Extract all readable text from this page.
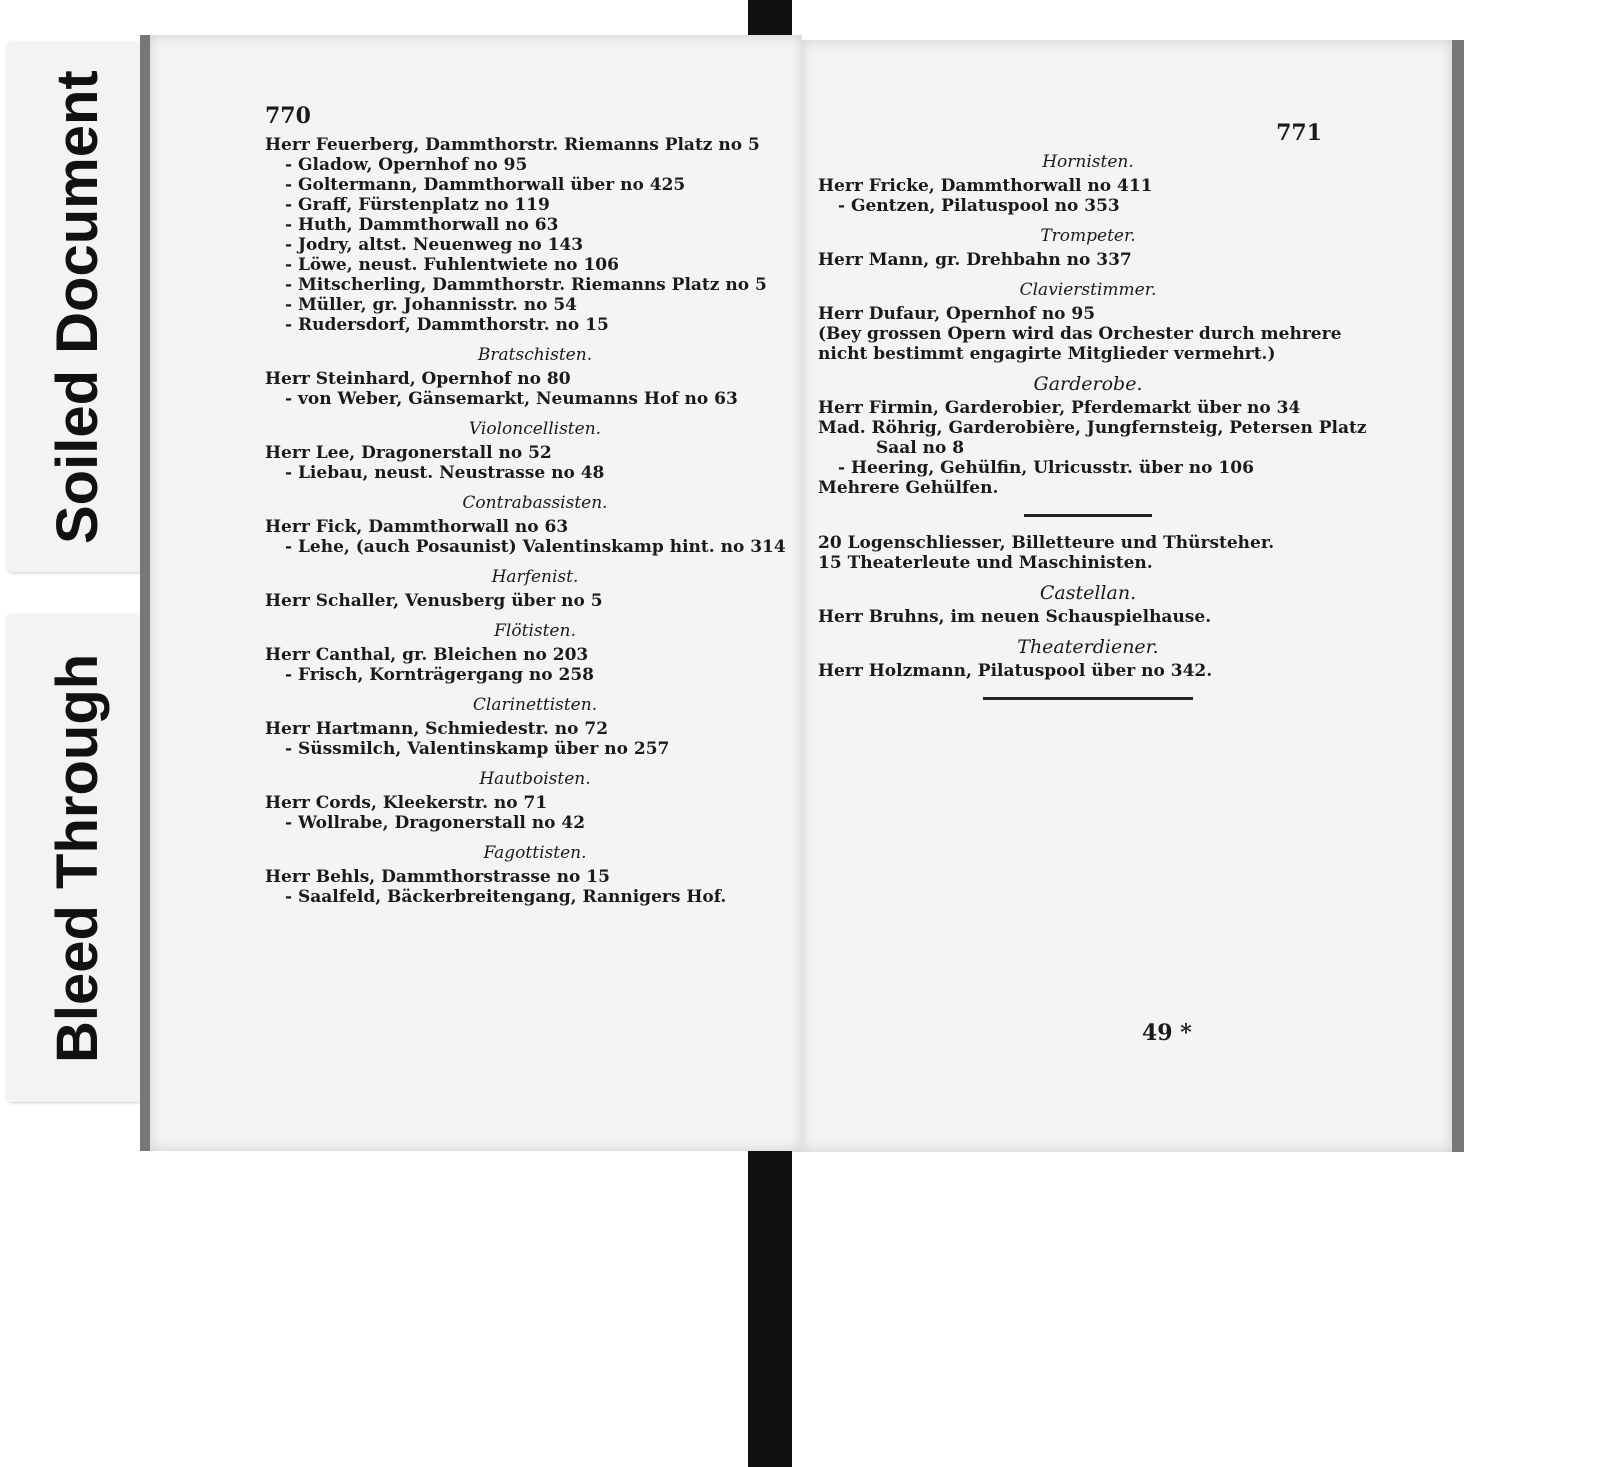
Soiled Document
Bleed Through
770
Herr Feuerberg, Dammthorstr. Riemanns Platz no 5
- Gladow, Opernhof no 95
- Goltermann, Dammthorwall über no 425
- Graff, Fürstenplatz no 119
- Huth, Dammthorwall no 63
- Jodry, altst. Neuenweg no 143
- Löwe, neust. Fuhlentwiete no 106
- Mitscherling, Dammthorstr. Riemanns Platz no 5
- Müller, gr. Johannisstr. no 54
- Rudersdorf, Dammthorstr. no 15
Bratschisten.
Herr Steinhard, Opernhof no 80
- von Weber, Gänsemarkt, Neumanns Hof no 63
Violoncellisten.
Herr Lee, Dragonerstall no 52
- Liebau, neust. Neustrasse no 48
Contrabassisten.
Herr Fick, Dammthorwall no 63
- Lehe, (auch Posaunist) Valentinskamp hint. no 314
Harfenist.
Herr Schaller, Venusberg über no 5
Flötisten.
Herr Canthal, gr. Bleichen no 203
- Frisch, Kornträgergang no 258
Clarinettisten.
Herr Hartmann, Schmiedestr. no 72
- Süssmilch, Valentinskamp über no 257
Hautboisten.
Herr Cords, Kleekerstr. no 71
- Wollrabe, Dragonerstall no 42
Fagottisten.
Herr Behls, Dammthorstrasse no 15
- Saalfeld, Bäckerbreitengang, Rannigers Hof.
771
Hornisten.
Herr Fricke, Dammthorwall no 411
- Gentzen, Pilatuspool no 353
Trompeter.
Herr Mann, gr. Drehbahn no 337
Clavierstimmer.
Herr Dufaur, Opernhof no 95
(Bey grossen Opern wird das Orchester durch mehrere
nicht bestimmt engagirte Mitglieder vermehrt.)
Garderobe.
Herr Firmin, Garderobier, Pferdemarkt über no 34
Mad. Röhrig, Garderobière, Jungfernsteig, Petersen Platz
Saal no 8
- Heering, Gehülfin, Ulricusstr. über no 106
Mehrere Gehülfen.
20 Logenschliesser, Billetteure und Thürsteher.
15 Theaterleute und Maschinisten.
Castellan.
Herr Bruhns, im neuen Schauspielhause.
Theaterdiener.
Herr Holzmann, Pilatuspool über no 342.
49 *
